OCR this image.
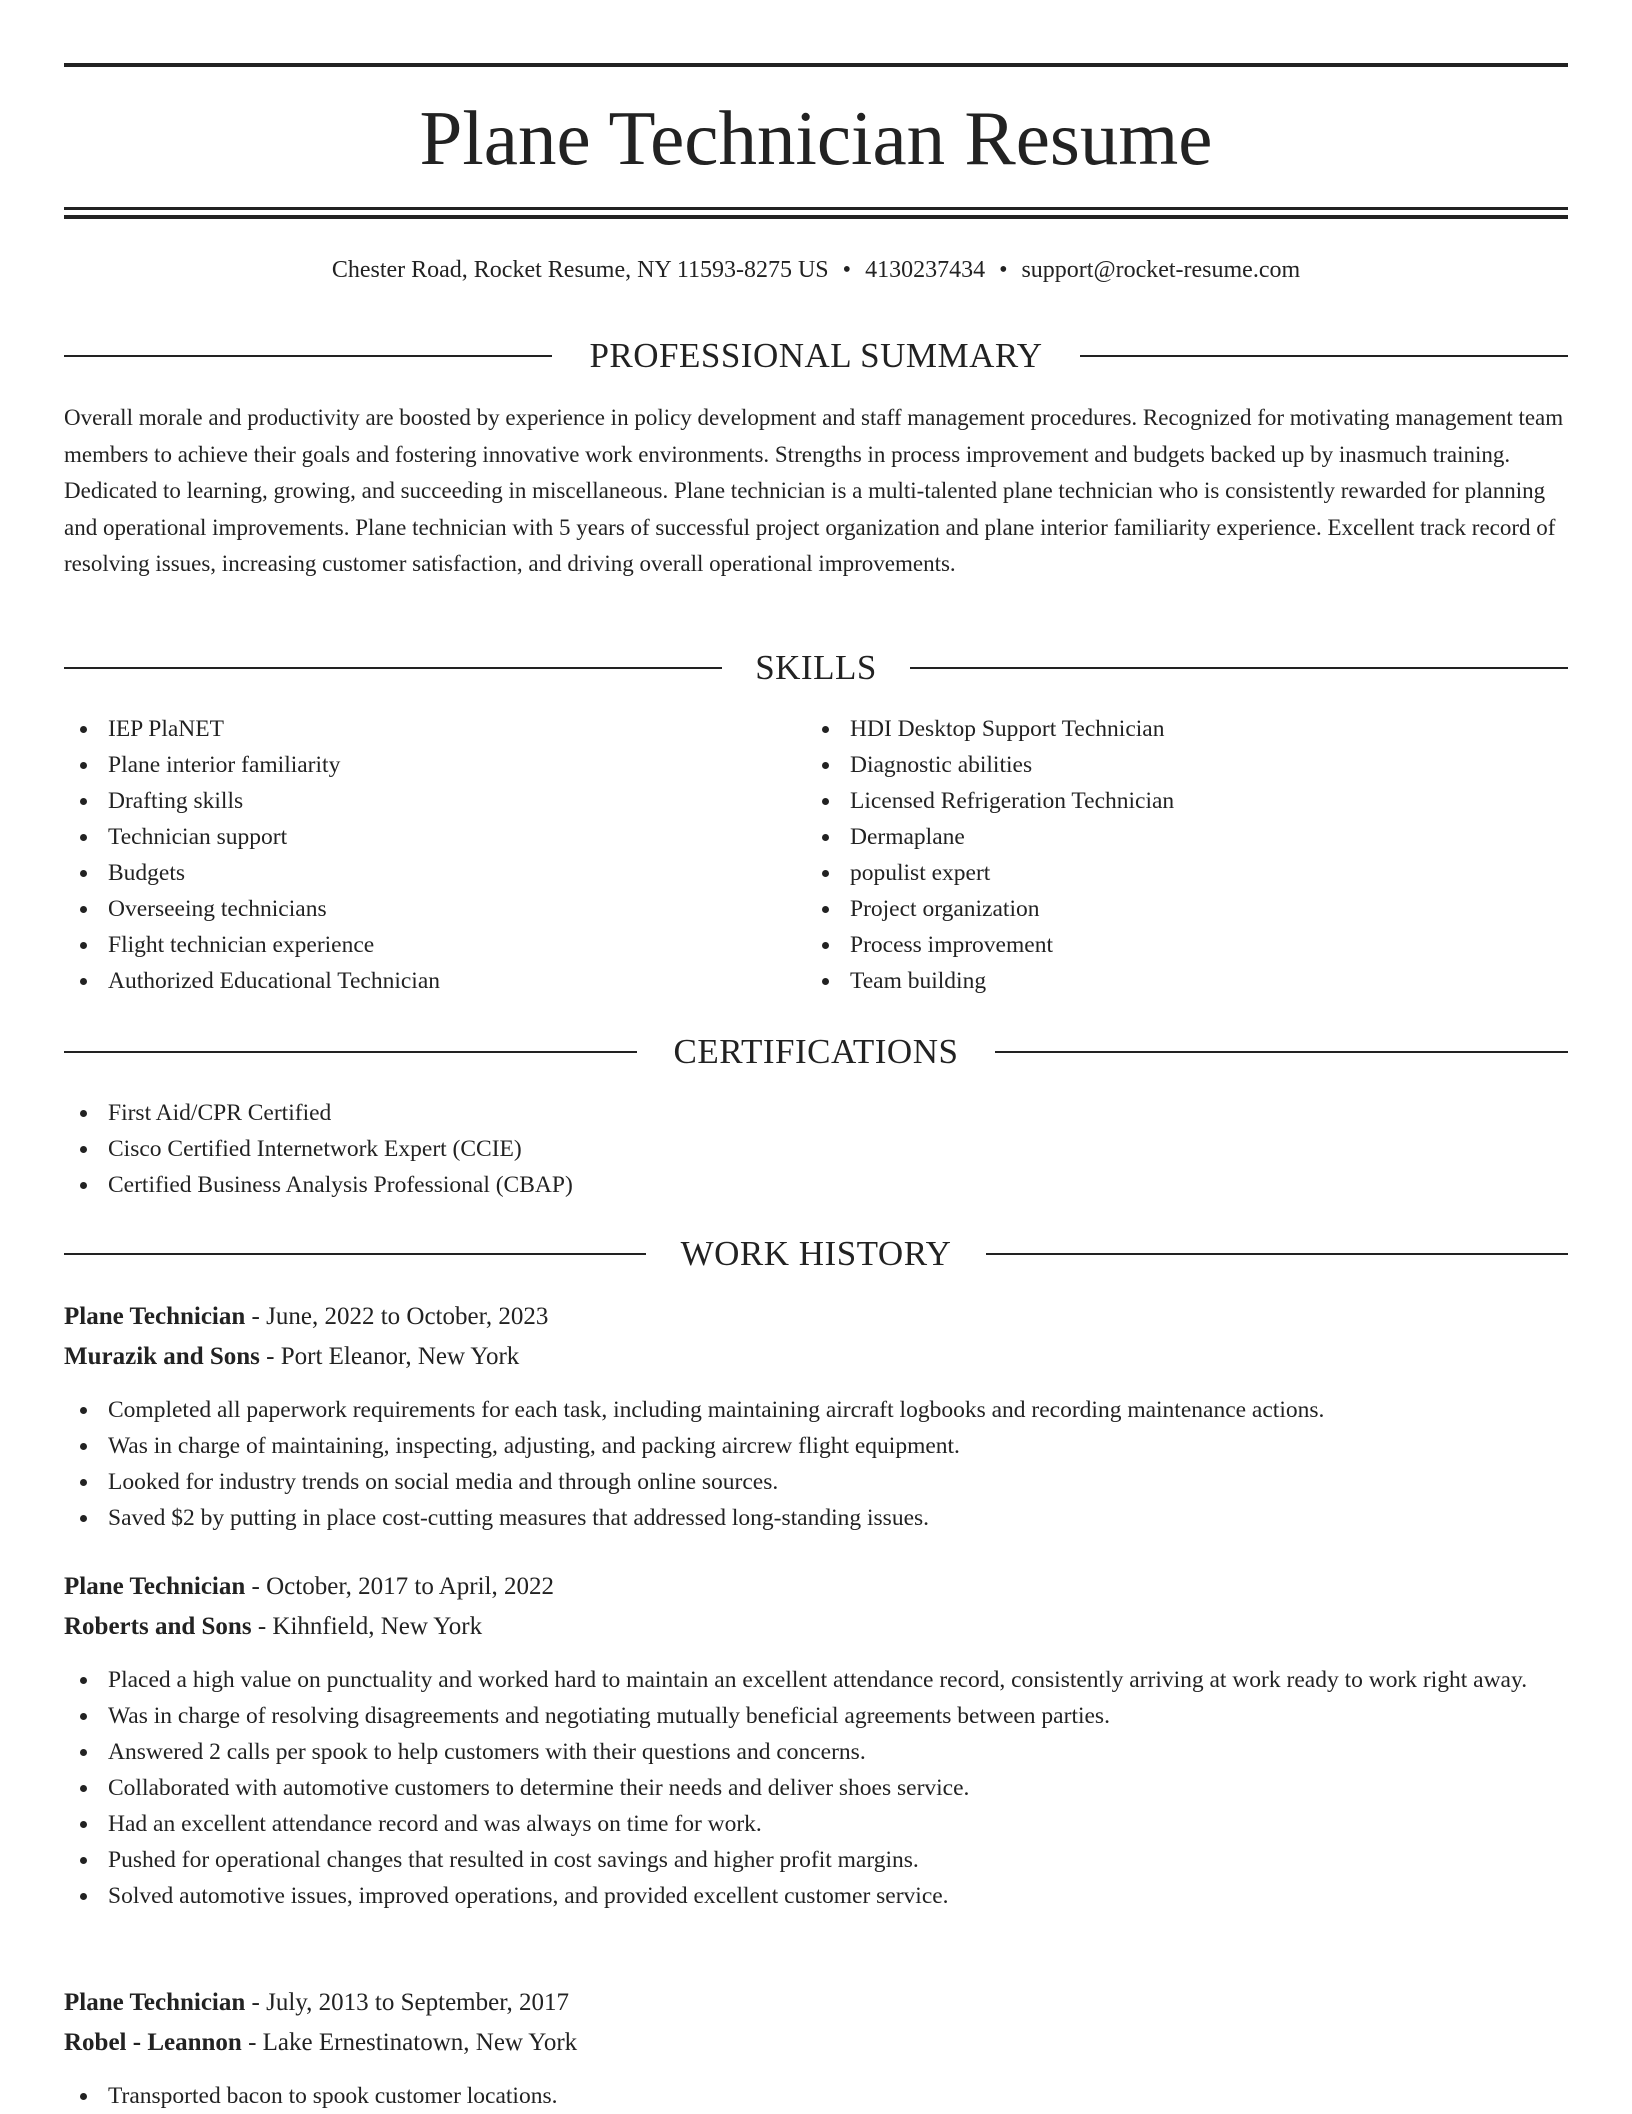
Plane Technician Resume
Chester Road, Rocket Resume, NY 11593-8275 US • 4130237434 • support@rocket-resume.com
PROFESSIONAL SUMMARY

Overall morale and productivity are boosted by experience in policy development and staff management procedures. Recognized for motivating management team members to achieve their goals and fostering innovative work environments. Strengths in process improvement and budgets backed up by inasmuch training. Dedicated to learning, growing, and succeeding in miscellaneous. Plane technician is a multi-talented plane technician who is consistently rewarded for planning and operational improvements. Plane technician with 5 years of successful project organization and plane interior familiarity experience. Excellent track record of resolving issues, increasing customer satisfaction, and driving overall operational improvements.

SKILLS
IEP PlaNET
Plane interior familiarity
Drafting skills
Technician support
Budgets
Overseeing technicians
Flight technician experience
Authorized Educational Technician
HDI Desktop Support Technician
Diagnostic abilities
Licensed Refrigeration Technician
Dermaplane
populist expert
Project organization
Process improvement
Team building
CERTIFICATIONS
First Aid/CPR Certified
Cisco Certified Internetwork Expert (CCIE)
Certified Business Analysis Professional (CBAP)
WORK HISTORY
Plane Technician - June, 2022 to October, 2023
Murazik and Sons - Port Eleanor, New York
Completed all paperwork requirements for each task, including maintaining aircraft logbooks and recording maintenance actions.
Was in charge of maintaining, inspecting, adjusting, and packing aircrew flight equipment.
Looked for industry trends on social media and through online sources.
Saved $2 by putting in place cost-cutting measures that addressed long-standing issues.
Plane Technician - October, 2017 to April, 2022
Roberts and Sons - Kihnfield, New York
Placed a high value on punctuality and worked hard to maintain an excellent attendance record, consistently arriving at work ready to work right away.
Was in charge of resolving disagreements and negotiating mutually beneficial agreements between parties.
Answered 2 calls per spook to help customers with their questions and concerns.
Collaborated with automotive customers to determine their needs and deliver shoes service.
Had an excellent attendance record and was always on time for work.
Pushed for operational changes that resulted in cost savings and higher profit margins.
Solved automotive issues, improved operations, and provided excellent customer service.
Plane Technician - July, 2013 to September, 2017
Robel - Leannon - Lake Ernestinatown, New York
Transported bacon to spook customer locations.
